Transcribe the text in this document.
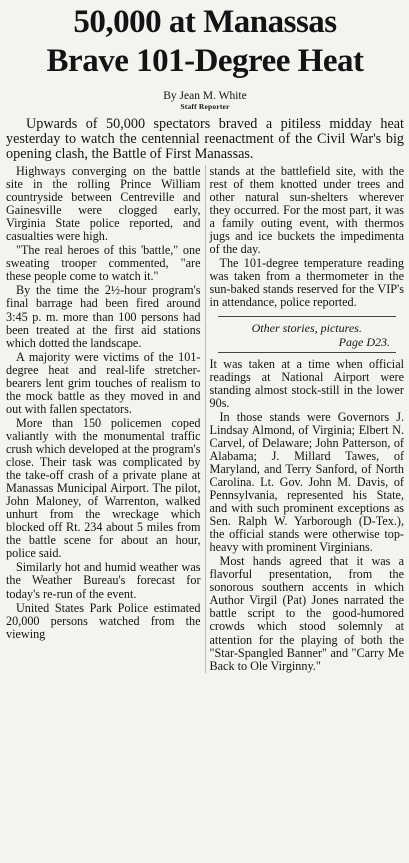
50,000 at Manassas
Brave 101-Degree Heat
By Jean M. White
Staff Reporter

Upwards of 50,000 spectators braved a pitiless midday heat yesterday to watch the centennial reenactment of the Civil War's big opening clash, the Battle of First Manassas.

Highways converging on the battle site in the rolling Prince William countryside between Centreville and Gainesville were clogged early, Virginia State police reported, and casualties were high.

"The real heroes of this 'battle," one sweating trooper commented, "are these people come to watch it."

By the time the 2½-hour program's final barrage had been fired around 3:45 p. m. more than 100 persons had been treated at the first aid stations which dotted the landscape.

A majority were victims of the 101-degree heat and real-life stretcher-bearers lent grim touches of realism to the mock battle as they moved in and out with fallen spectators.

More than 150 policemen coped valiantly with the monumental traffic crush which developed at the program's close. Their task was complicated by the take-off crash of a private plane at Manassas Municipal Airport. The pilot, John Maloney, of Warrenton, walked unhurt from the wreckage which blocked off Rt. 234 about 5 miles from the battle scene for about an hour, police said.

Similarly hot and humid weather was the Weather Bureau's forecast for today's re-run of the event.

United States Park Police estimated 20,000 persons watched from the viewing

stands at the battlefield site, with the rest of them knotted under trees and other natural sun-shelters wherever they occurred. For the most part, it was a family outing event, with thermos jugs and ice buckets the impedimenta of the day.

The 101-degree temperature reading was taken from a thermometer in the sun-baked stands reserved for the VIP's in attendance, police reported.

Other stories, pictures.
Page D23.

It was taken at a time when official readings at National Airport were standing almost stock-still in the lower 90s.

In those stands were Governors J. Lindsay Almond, of Virginia; Elbert N. Carvel, of Delaware; John Patterson, of Alabama; J. Millard Tawes, of Maryland, and Terry Sanford, of North Carolina. Lt. Gov. John M. Davis, of Pennsylvania, represented his State, and with such prominent exceptions as Sen. Ralph W. Yarborough (D-Tex.), the official stands were otherwise top-heavy with prominent Virginians.

Most hands agreed that it was a flavorful presentation, from the sonorous southern accents in which Author Virgil (Pat) Jones narrated the battle script to the good-humored crowds which stood solemnly at attention for the playing of both the "Star-Spangled Banner" and "Carry Me Back to Ole Virginny."
